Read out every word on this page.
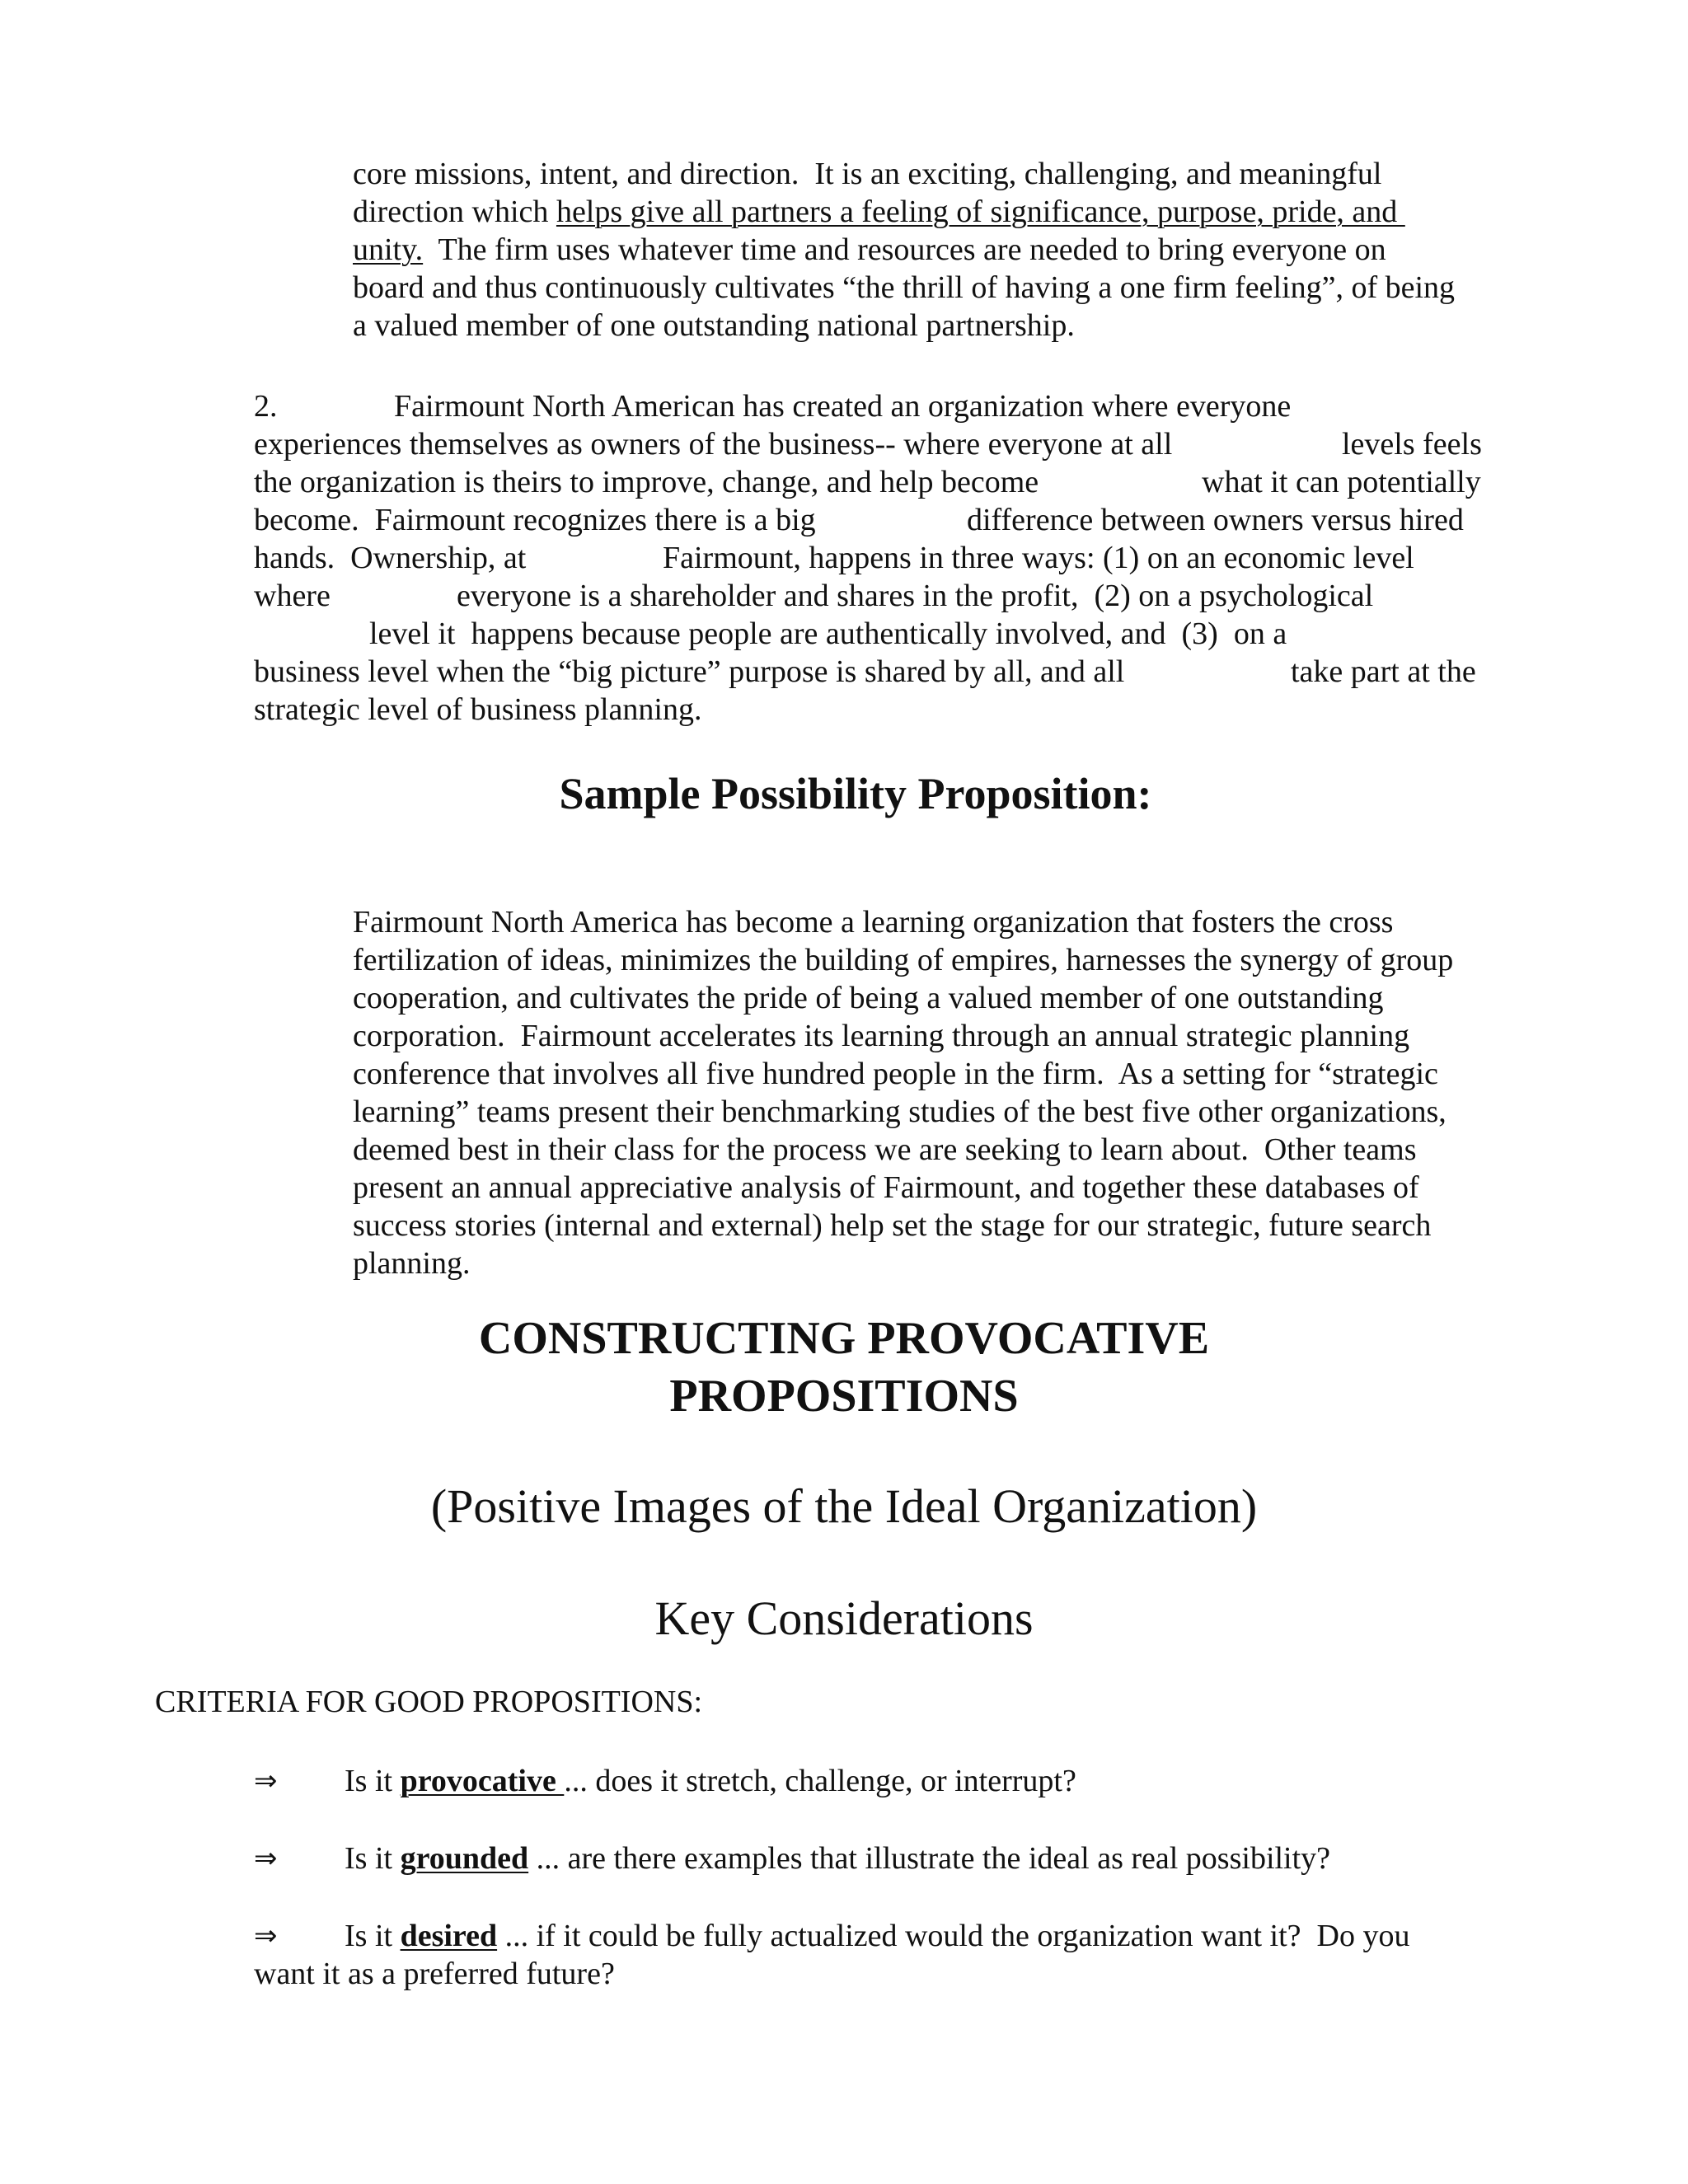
core missions, intent, and direction.  It is an exciting, challenging, and meaningful
direction which helps give all partners a feeling of significance, purpose, pride, and
unity.  The firm uses whatever time and resources are needed to bring everyone on
board and thus continuously cultivates “the thrill of having a one firm feeling”, of being
a valued member of one outstanding national partnership.
2.	Fairmount North American has created an organization where everyone
experiences themselves as owners of the business-- where everyone at all	levels feels
the organization is theirs to improve, change, and help become	what it can potentially
become.  Fairmount recognizes there is a big	difference between owners versus hired
hands.  Ownership, at	Fairmount, happens in three ways: (1) on an economic level
where	everyone is a shareholder and shares in the profit,  (2) on a psychological
level it  happens because people are authentically involved, and  (3)  on a
business level when the “big picture” purpose is shared by all, and all	take part at the
strategic level of business planning.
Sample Possibility Proposition:
Fairmount North America has become a learning organization that fosters the cross
fertilization of ideas, minimizes the building of empires, harnesses the synergy of group
cooperation, and cultivates the pride of being a valued member of one outstanding
corporation.  Fairmount accelerates its learning through an annual strategic planning
conference that involves all five hundred people in the firm.  As a setting for “strategic
learning” teams present their benchmarking studies of the best five other organizations,
deemed best in their class for the process we are seeking to learn about.  Other teams
present an annual appreciative analysis of Fairmount, and together these databases of
success stories (internal and external) help set the stage for our strategic, future search
planning.
CONSTRUCTING PROVOCATIVE
PROPOSITIONS
(Positive Images of the Ideal Organization)
Key Considerations
CRITERIA FOR GOOD PROPOSITIONS:
⇒ Is it provocative ... does it stretch, challenge, or interrupt?
⇒ Is it grounded ... are there examples that illustrate the ideal as real possibility?
⇒ Is it desired ... if it could be fully actualized would the organization want it?  Do you
want it as a preferred future?
